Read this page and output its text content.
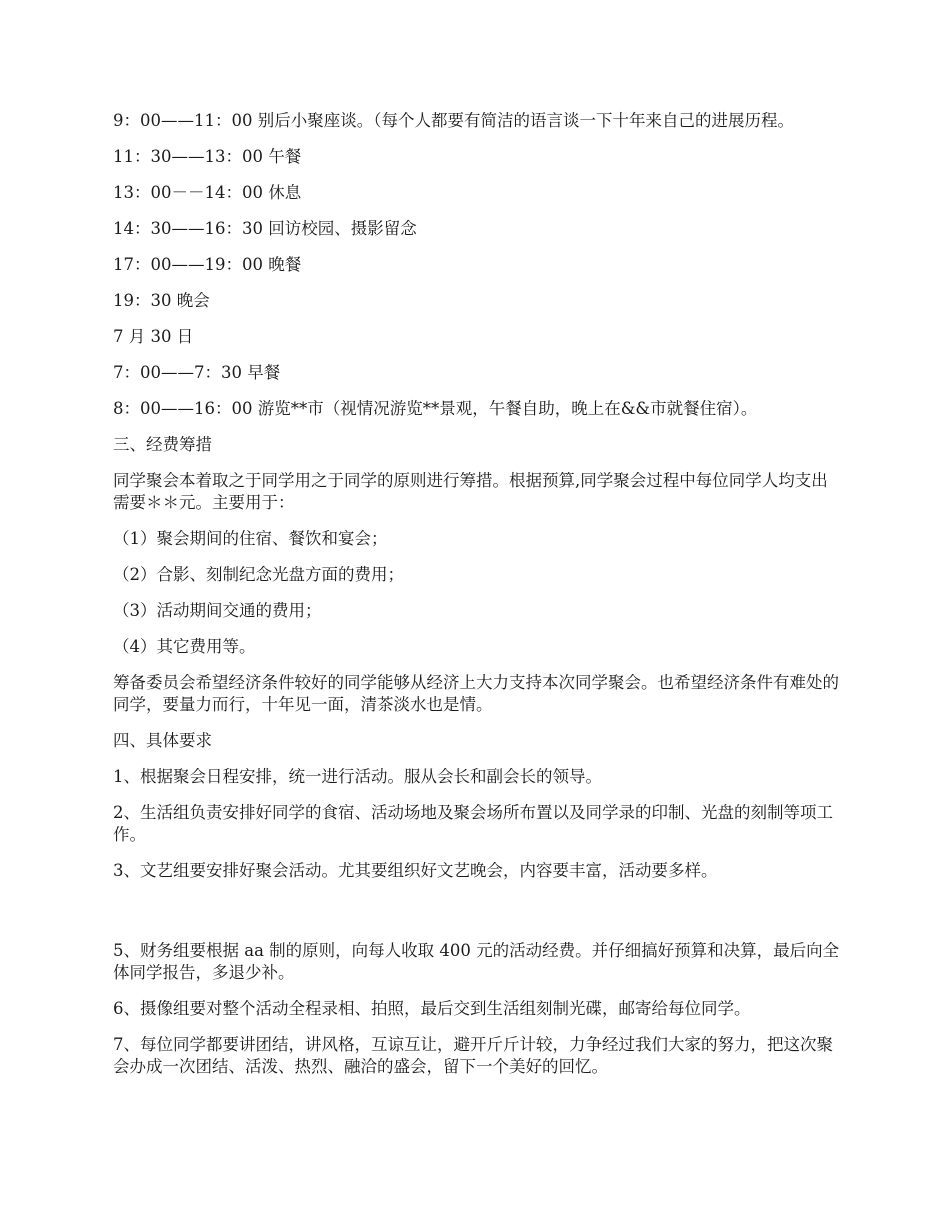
9：00——11：00 别后小聚座谈。（每个人都要有简洁的语言谈一下十年来自己的进展历程。

11：30——13：00 午餐

13：00－－14：00 休息

14：30——16：30 回访校园、摄影留念

17：00——19：00 晚餐

19：30 晚会

7 月 30 日

7：00——7：30 早餐

8：00——16：00 游览**市（视情况游览**景观，午餐自助，晚上在&&市就餐住宿）。

三、经费筹措

同学聚会本着取之于同学用之于同学的原则进行筹措。根据预算,同学聚会过程中每位同学人均支出需要＊＊元。主要用于：

（1）聚会期间的住宿、餐饮和宴会；

（2）合影、刻制纪念光盘方面的费用；

（3）活动期间交通的费用；

（4）其它费用等。

筹备委员会希望经济条件较好的同学能够从经济上大力支持本次同学聚会。也希望经济条件有难处的同学，要量力而行，十年见一面，清茶淡水也是情。

四、具体要求

1、根据聚会日程安排，统一进行活动。服从会长和副会长的领导。

2、生活组负责安排好同学的食宿、活动场地及聚会场所布置以及同学录的印制、光盘的刻制等项工作。

3、文艺组要安排好聚会活动。尤其要组织好文艺晚会，内容要丰富，活动要多样。

5、财务组要根据 aa 制的原则，向每人收取 400 元的活动经费。并仔细搞好预算和决算，最后向全体同学报告，多退少补。

6、摄像组要对整个活动全程录相、拍照，最后交到生活组刻制光碟，邮寄给每位同学。

7、每位同学都要讲团结，讲风格，互谅互让，避开斤斤计较，力争经过我们大家的努力，把这次聚会办成一次团结、活泼、热烈、融洽的盛会，留下一个美好的回忆。
